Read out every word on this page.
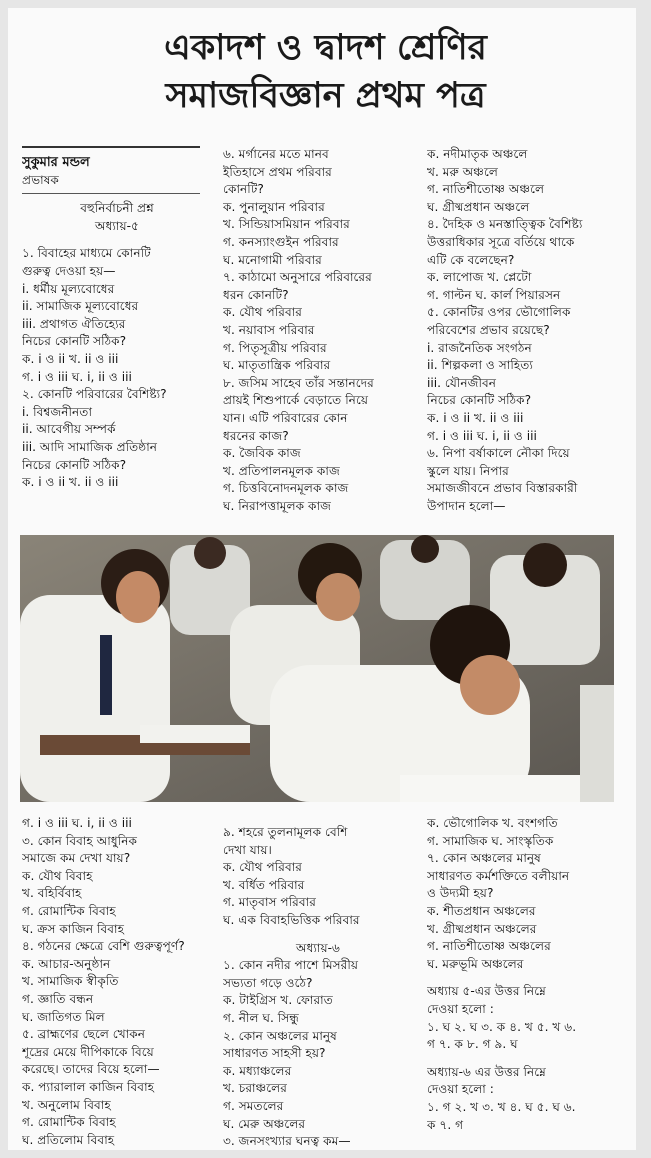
একাদশ ও দ্বাদশ শ্রেণির
সমাজবিজ্ঞান প্রথম পত্র
সুকুমার মন্ডল
প্রভাষক
বহুনির্বাচনী প্রশ্ন
অধ্যায়-৫
১. বিবাহের মাধ্যমে কোনটি
গুরুত্ব দেওয়া হয়—
i. ধর্মীয় মূল্যবোধের
ii. সামাজিক মূল্যবোধের
iii. প্রথাগত ঐতিহ্যের
নিচের কোনটি সঠিক?
ক. i ও ii খ. ii ও iii
গ. i ও iii ঘ. i, ii ও iii
২. কোনটি পরিবারের বৈশিষ্ট্য?
i. বিশ্বজনীনতা
ii. আবেগীয় সম্পর্ক
iii. আদি সামাজিক প্রতিষ্ঠান
নিচের কোনটি সঠিক?
ক. i ও ii খ. ii ও iii
৬. মর্গানের মতে মানব
ইতিহাসে প্রথম পরিবার
কোনটি?
ক. পুনালুয়ান পরিবার
খ. সিন্ডিয়াসমিয়ান পরিবার
গ. কনস্যাংগুইন পরিবার
ঘ. মনোগামী পরিবার
৭. কাঠামো অনুসারে পরিবারের
ধরন কোনটি?
ক. যৌথ পরিবার
খ. নয়াবাস পরিবার
গ. পিতৃসূত্রীয় পরিবার
ঘ. মাতৃতান্ত্রিক পরিবার
৮. জসিম সাহেব তাঁর সন্তানদের
প্রায়ই শিশুপার্কে বেড়াতে নিয়ে
যান। এটি পরিবারের কোন
ধরনের কাজ?
ক. জৈবিক কাজ
খ. প্রতিপালনমূলক কাজ
গ. চিত্তবিনোদনমূলক কাজ
ঘ. নিরাপত্তামূলক কাজ
ক. নদীমাতৃক অঞ্চলে
খ. মরু অঞ্চলে
গ. নাতিশীতোষ্ণ অঞ্চলে
ঘ. গ্রীষ্মপ্রধান অঞ্চলে
৪. দৈহিক ও মনস্তাত্ত্বিক বৈশিষ্ট্য
উত্তরাধিকার সূত্রে বর্তিয়ে থাকে
এটি কে বলেছেন?
ক. লাপোজ খ. প্লেটো
গ. গাল্টন ঘ. কার্ল পিয়ারসন
৫. কোনটির ওপর ভৌগোলিক
পরিবেশের প্রভাব রয়েছে?
i. রাজনৈতিক সংগঠন
ii. শিল্পকলা ও সাহিত্য
iii. যৌনজীবন
নিচের কোনটি সঠিক?
ক. i ও ii খ. ii ও iii
গ. i ও iii ঘ. i, ii ও iii
৬. নিপা বর্ষাকালে নৌকা দিয়ে
স্কুলে যায়। নিপার
সমাজজীবনে প্রভাব বিস্তারকারী
উপাদান হলো—
গ. i ও iii ঘ. i, ii ও iii
৩. কোন বিবাহ আধুনিক
সমাজে কম দেখা যায়?
ক. যৌথ বিবাহ
খ. বহির্বিবাহ
গ. রোমান্টিক বিবাহ
ঘ. ক্রস কাজিন বিবাহ
৪. গঠনের ক্ষেত্রে বেশি গুরুত্বপূর্ণ?
ক. আচার-অনুষ্ঠান
খ. সামাজিক স্বীকৃতি
গ. জ্ঞাতি বন্ধন
ঘ. জাতিগত মিল
৫. ব্রাহ্মণের ছেলে খোকন
শূদ্রের মেয়ে দীপিকাকে বিয়ে
করেছে। তাদের বিয়ে হলো—
ক. প্যারালাল কাজিন বিবাহ
খ. অনুলোম বিবাহ
গ. রোমান্টিক বিবাহ
ঘ. প্রতিলোম বিবাহ
৯. শহরে তুলনামূলক বেশি
দেখা যায়।
ক. যৌথ পরিবার
খ. বর্ধিত পরিবার
গ. মাতৃবাস পরিবার
ঘ. এক বিবাহভিত্তিক পরিবার
অধ্যায়-৬
১. কোন নদীর পাশে মিসরীয়
সভ্যতা গড়ে ওঠে?
ক. টাইগ্রিস খ. ফোরাত
গ. নীল ঘ. সিন্ধু
২. কোন অঞ্চলের মানুষ
সাধারণত সাহসী হয়?
ক. মধ্যাঞ্চলের
খ. চরাঞ্চলের
গ. সমতলের
ঘ. মেরু অঞ্চলের
৩. জনসংখ্যার ঘনত্ব কম—
ক. ভৌগোলিক খ. বংশগতি
গ. সামাজিক ঘ. সাংস্কৃতিক
৭. কোন অঞ্চলের মানুষ
সাধারণত কর্মশক্তিতে বলীয়ান
ও উদ্যমী হয়?
ক. শীতপ্রধান অঞ্চলের
খ. গ্রীষ্মপ্রধান অঞ্চলের
গ. নাতিশীতোষ্ণ অঞ্চলের
ঘ. মরুভূমি অঞ্চলের
অধ্যায় ৫-এর উত্তর নিম্নে
দেওয়া হলো :
১. ঘ ২. ঘ ৩. ক ৪. খ ৫. খ ৬.
গ ৭. ক ৮. গ ৯. ঘ
অধ্যায়-৬ এর উত্তর নিম্নে
দেওয়া হলো :
১. গ ২. খ ৩. খ ৪. ঘ ৫. ঘ ৬.
ক ৭. গ
